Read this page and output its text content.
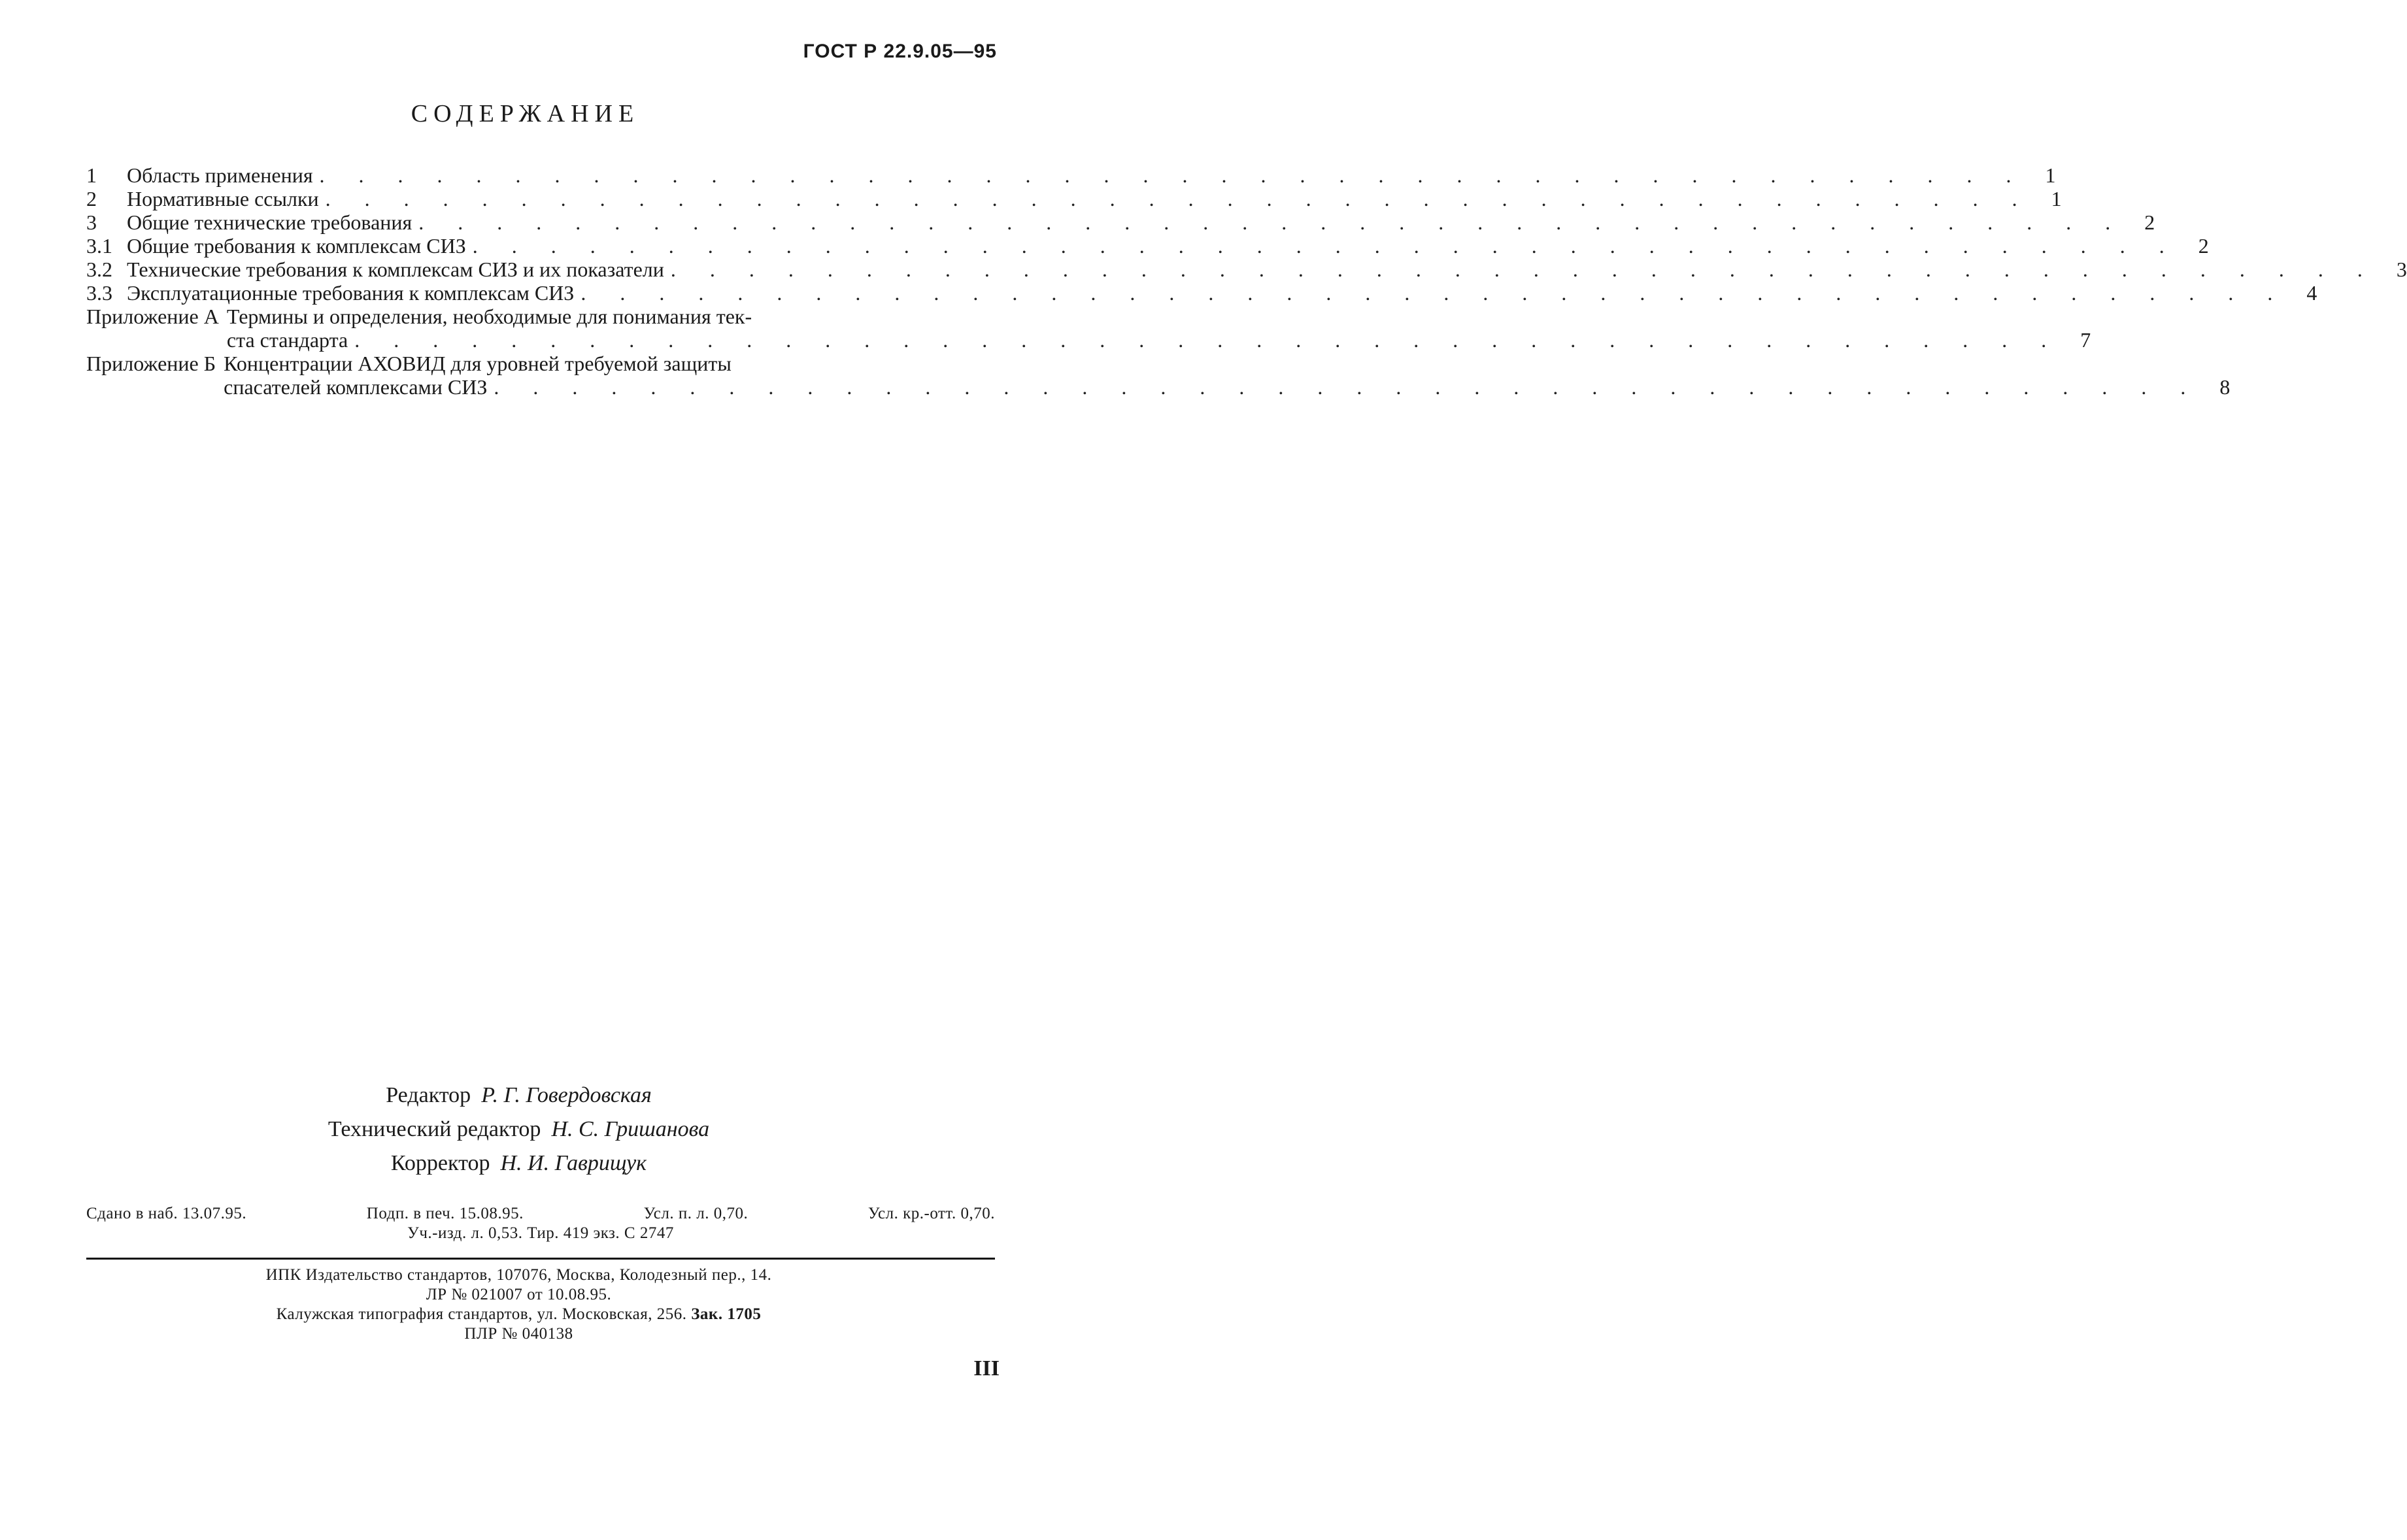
ГОСТ Р 22.9.05—95
СОДЕРЖАНИЕ
1	Область применения . . .	1
2	Нормативные ссылки . . .	1
3	Общие технические требования . . .	2
3.1 Общие требования к комплексам СИЗ . . .	2
3.2 Технические требования к комплексам СИЗ и их показатели . . .	3
3.3 Эксплуатационные требования к комплексам СИЗ . . .	4
Приложение А Термины и определения, необходимые для понимания тек-
ста стандарта . . .	7
Приложение Б Концентрации АХОВИД для уровней требуемой защиты
спасателей комплексами СИЗ . . .	8
Редактор Р. Г. Говердовская
Технический редактор Н. С. Гришанова
Корректор Н. И. Гаврищук
Сдано в наб. 13.07.95.	Подп. в печ. 15.08.95.	Усл. п. л. 0,70.	Усл. кр.-отт. 0,70.
Уч.-изд. л. 0,53. Тир. 419 экз. С 2747
ИПК Издательство стандартов, 107076, Москва, Колодезный пер., 14.
ЛР № 021007 от 10.08.95.
Калужская типография стандартов, ул. Московская, 256. Зак. 1705
ПЛР № 040138
III
